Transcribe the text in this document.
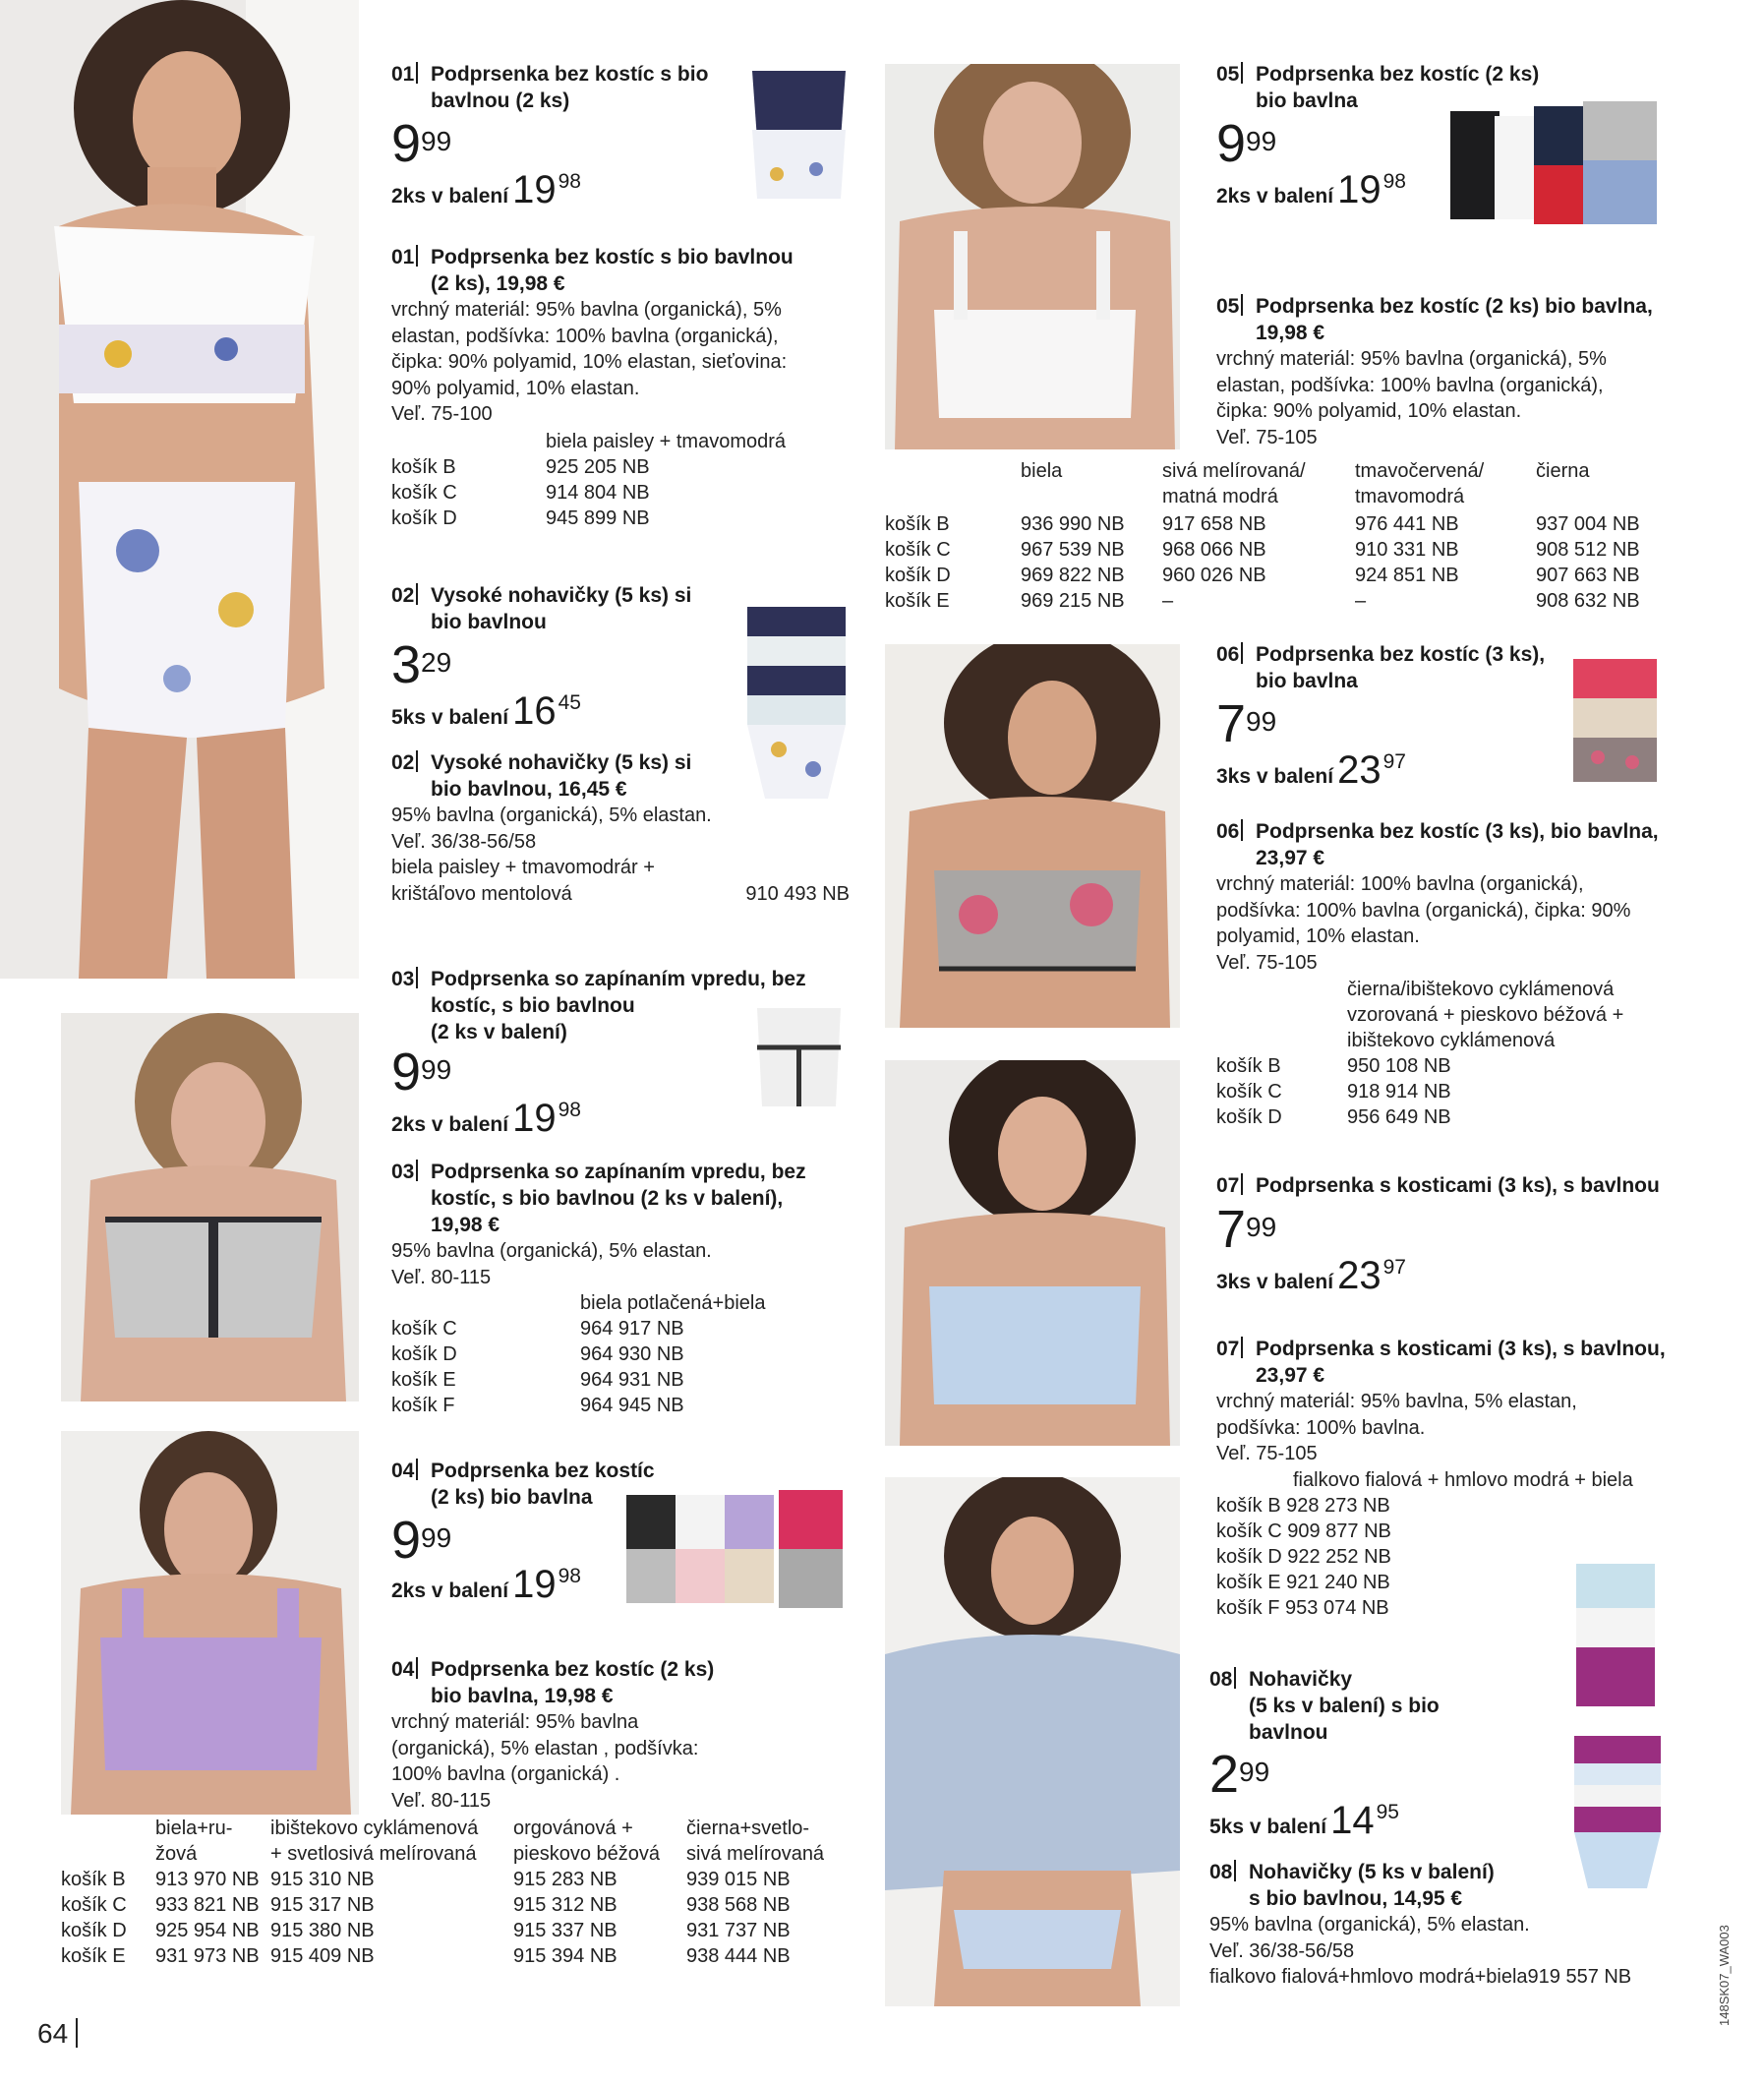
01 Podprsenka bez kostíc s bio
bavlnou (2 ks)
$9^{99}$
2ks v balení 1998
01 Podprsenka bez kostíc s bio bavlnou
(2 ks), 19,98 €
vrchný materiál: 95% bavlna (organická), 5%
elastan, podšívka: 100% bavlna (organická),
čipka: 90% polyamid, 10% elastan, sieťovina:
90% polyamid, 10% elastan.
Veľ. 75-100
biela paisley + tmavomodrá
košík B	925 205 NB
košík C	914 804 NB
košík D	945 899 NB
02 Vysoké nohavičky (5 ks) si
bio bavlnou
$3^{29}$
5ks v balení 1645
02 Vysoké nohavičky (5 ks) si
bio bavlnou, 16,45 €
95% bavlna (organická), 5% elastan.
Veľ. 36/38-56/58
biela paisley + tmavomodrár +
krištáľovo mentolová	910 493 NB
03 Podprsenka so zapínaním vpredu, bez
kostíc, s bio bavlnou
(2 ks v balení)
$9^{99}$
2ks v balení 1998
03 Podprsenka so zapínaním vpredu, bez
kostíc, s bio bavlnou (2 ks v balení),
19,98 €
95% bavlna (organická), 5% elastan.
Veľ. 80-115
biela potlačená+biela
košík C	964 917 NB
košík D	964 930 NB
košík E	964 931 NB
košík F	964 945 NB
04 Podprsenka bez kostíc
(2 ks) bio bavlna
$9^{99}$
2ks v balení 1998
04 Podprsenka bez kostíc (2 ks)
bio bavlna, 19,98 €
vrchný materiál: 95% bavlna
(organická), 5% elastan , podšívka:
100% bavlna (organická) .
Veľ. 80-115
biela+ru-
žová
ibištekovo cyklámenová
+ svetlosivá melírovaná
orgovánová +
pieskovo béžová
čierna+svetlo-
sivá melírovaná
košík B 913 970 NB 915 310 NB	915 283 NB	939 015 NB
košík C 933 821 NB 915 317 NB	915 312 NB	938 568 NB
košík D 925 954 NB 915 380 NB	915 337 NB	931 737 NB
košík E 931 973 NB 915 409 NB	915 394 NB	938 444 NB
05 Podprsenka bez kostíc (2 ks)
bio bavlna
$9^{99}$
2ks v balení 1998
05 Podprsenka bez kostíc (2 ks) bio bavlna,
19,98 €
vrchný materiál: 95% bavlna (organická), 5%
elastan, podšívka: 100% bavlna (organická),
čipka: 90% polyamid, 10% elastan.
Veľ. 75-105
biela	sivá melírovaná/
matná modrá
tmavočervená/
tmavomodrá
čierna
košík B	936 990 NB 917 658 NB	976 441 NB	937 004 NB
košík C	967 539 NB 968 066 NB	910 331 NB	908 512 NB
košík D	969 822 NB 960 026 NB	924 851 NB	907 663 NB
košík E	969 215 NB –	–	908 632 NB
06 Podprsenka bez kostíc (3 ks),
bio bavlna
$7^{99}$
3ks v balení 2397
06 Podprsenka bez kostíc (3 ks), bio bavlna,
23,97 €
vrchný materiál: 100% bavlna (organická),
podšívka: 100% bavlna (organická), čipka: 90%
polyamid, 10% elastan.
Veľ. 75-105
čierna/ibištekovo cyklámenová
vzorovaná + pieskovo béžová +
ibištekovo cyklámenová
košík B	950 108 NB
košík C	918 914 NB
košík D	956 649 NB
07 Podprsenka s kosticami (3 ks), s bavlnou
$7^{99}$
3ks v balení 2397
07 Podprsenka s kosticami (3 ks), s bavlnou,
23,97 €
vrchný materiál: 95% bavlna, 5% elastan,
podšívka: 100% bavlna.
Veľ. 75-105
fialkovo fialová + hmlovo modrá + biela
košík B 928 273 NB
košík C 909 877 NB
košík D 922 252 NB
košík E 921 240 NB
košík F 953 074 NB
08 Nohavičky
(5 ks v balení) s bio
bavlnou
$2^{99}$
5ks v balení 1495
08 Nohavičky (5 ks v balení)
s bio bavlnou, 14,95 €
95% bavlna (organická), 5% elastan.
Veľ. 36/38-56/58
fialkovo fialová+hmlovo modrá+biela919 557 NB
64
148SK07_WA003
